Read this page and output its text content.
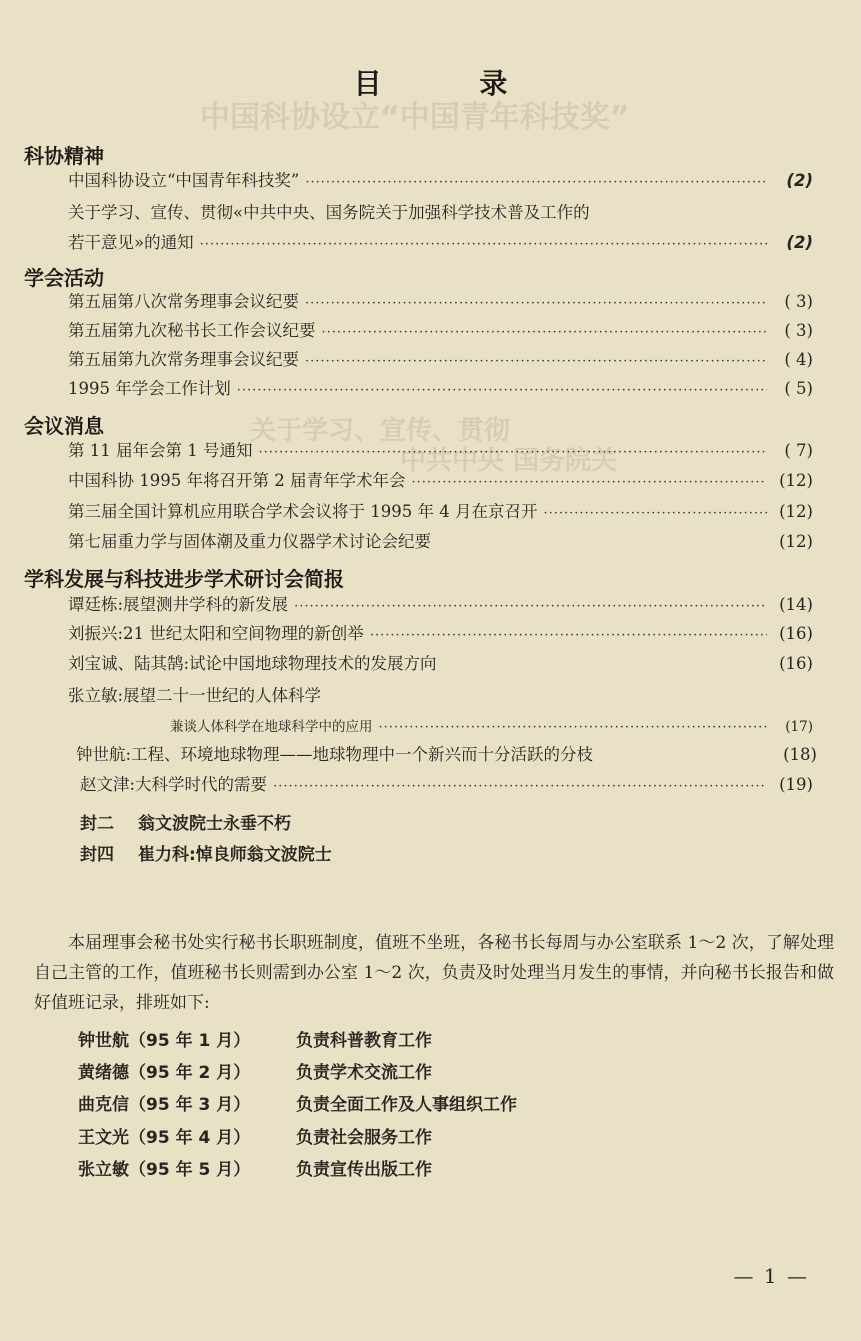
中国科协设立“中国青年科技奖”
关于学习、宣传、贯彻
中共中央 国务院关
目 录
科协精神
中国科协设立“中国青年科技奖” ·····	(2)
关于学习、宣传、贯彻«中共中央、国务院关于加强科学技术普及工作的
若干意见»的通知 ·····	(2)
学会活动
第五届第八次常务理事会议纪要 ·····	( 3)
第五届第九次秘书长工作会议纪要 ·····	( 3)
第五届第九次常务理事会议纪要 ·····	( 4)
1995 年学会工作计划 ·····	( 5)
会议消息
第 11 届年会第 1 号通知 ·····	( 7)
中国科协 1995 年将召开第 2 届青年学术年会 ·····	(12)
第三届全国计算机应用联合学术会议将于 1995 年 4 月在京召开 ·····	(12)
第七届重力学与固体潮及重力仪器学术讨论会纪要	(12)
学科发展与科技进步学术研讨会简报
谭廷栋:展望测井学科的新发展 ·····	(14)
刘振兴:21 世纪太阳和空间物理的新创举 ·····	(16)
刘宝诚、陆其鹄:试论中国地球物理技术的发展方向	(16)
张立敏:展望二十一世纪的人体科学
兼谈人体科学在地球科学中的应用 ·····	(17)
钟世航:工程、环境地球物理——地球物理中一个新兴而十分活跃的分枝	(18)
赵文津:大科学时代的需要 ·····	(19)
封二 翁文波院士永垂不朽
封四 崔力科:悼良师翁文波院士

本届理事会秘书处实行秘书长职班制度，值班不坐班，各秘书长每周与办公室联系 1～2 次，了解处理自己主管的工作，值班秘书长则需到办公室 1～2 次，负责及时处理当月发生的事情，并向秘书长报告和做好值班记录，排班如下:

钟世航（95 年 1 月）	负责科普教育工作
黄绪德（95 年 2 月）	负责学术交流工作
曲克信（95 年 3 月）	负责全面工作及人事组织工作
王文光（95 年 4 月）	负责社会服务工作
张立敏（95 年 5 月）	负责宣传出版工作
— 1 —
